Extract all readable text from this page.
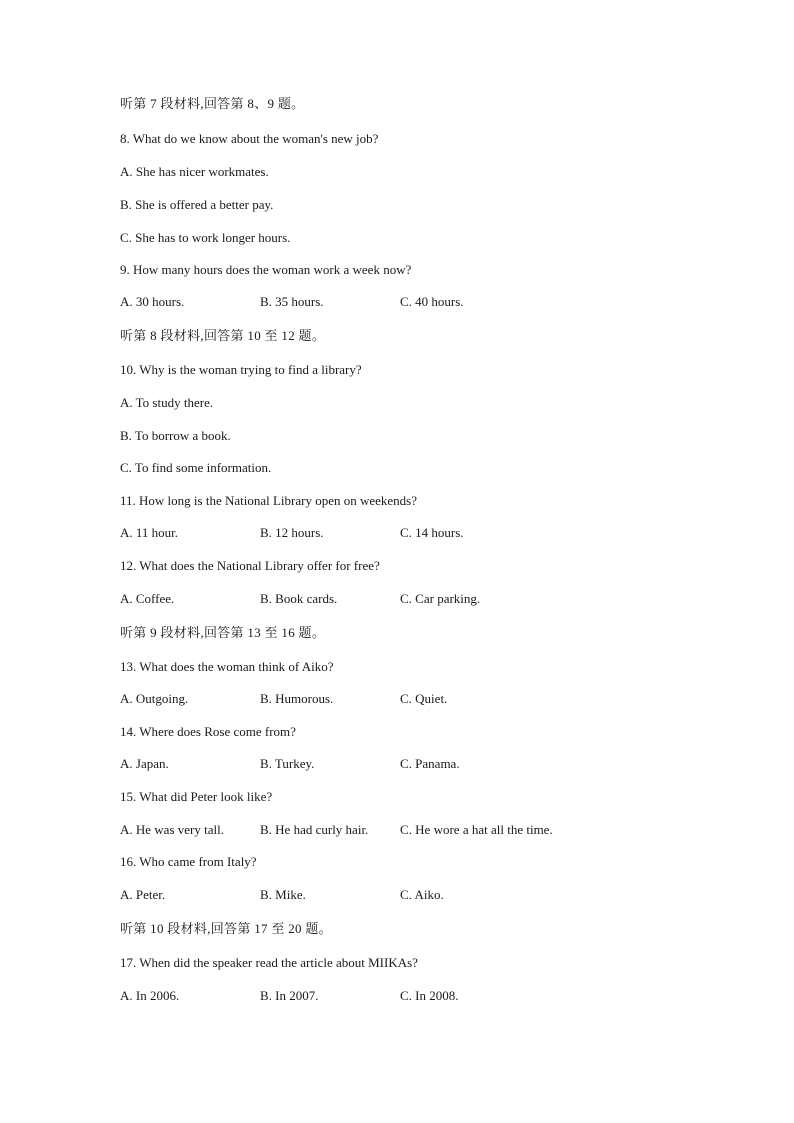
听第 7 段材料,回答第 8、9 题。
8. What do we know about the woman's new job?
A. She has nicer workmates.
B. She is offered a better pay.
C. She has to work longer hours.
9. How many hours does the woman work a week now?
A. 30 hours.	B. 35 hours.	C. 40 hours.
听第 8 段材料,回答第 10 至 12 题。
10. Why is the woman trying to find a library?
A. To study there.
B. To borrow a book.
C. To find some information.
11. How long is the National Library open on weekends?
A. 11 hour.	B. 12 hours.	C. 14 hours.
12. What does the National Library offer for free?
A. Coffee.	B. Book cards.	C. Car parking.
听第 9 段材料,回答第 13 至 16 题。
13. What does the woman think of Aiko?
A. Outgoing.	B. Humorous.	C. Quiet.
14. Where does Rose come from?
A. Japan.	B. Turkey.	C. Panama.
15. What did Peter look like?
A. He was very tall.	B. He had curly hair. C. He wore a hat all the time.
16. Who came from Italy?
A. Peter.	B. Mike.	C. Aiko.
听第 10 段材料,回答第 17 至 20 题。
17. When did the speaker read the article about MIIKAs?
A. In 2006.	B. In 2007.	C. In 2008.
